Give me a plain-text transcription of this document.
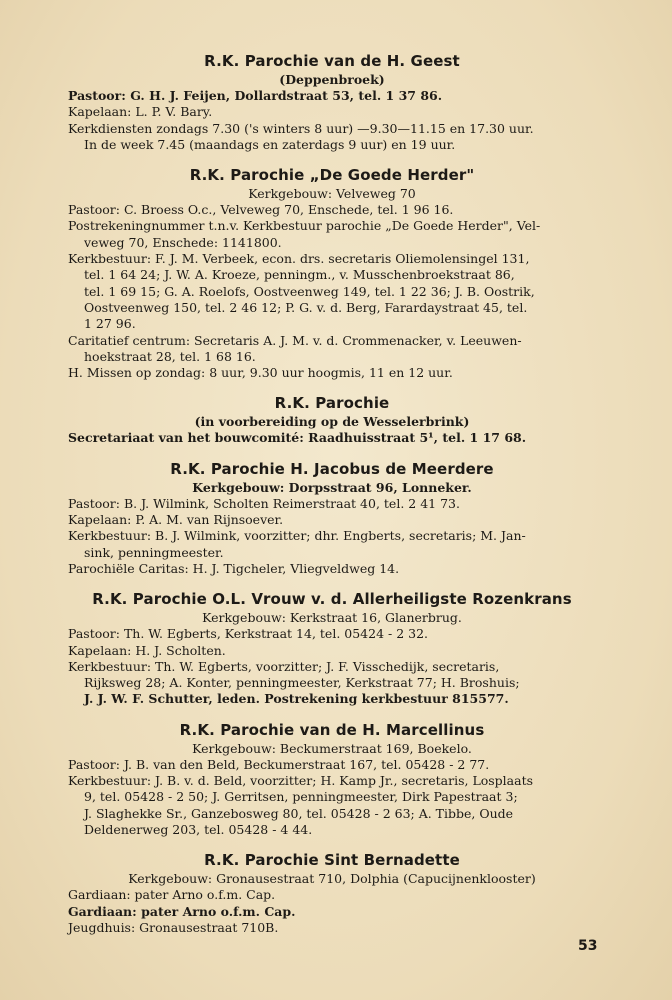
R.K. Parochie van de H. Geest

(Deppenbroek)

Pastoor: G. H. J. Feijen, Dollardstraat 53, tel. 1 37 86.

Kapelaan: L. P. V. Bary.

Kerkdiensten zondags 7.30 ('s winters 8 uur) —9.30—11.15 en 17.30 uur.

In de week 7.45 (maandags en zaterdags 9 uur) en 19 uur.

R.K. Parochie „De Goede Herder"

Kerkgebouw: Velveweg 70

Pastoor: C. Broess O.c., Velveweg 70, Enschede, tel. 1 96 16.

Postrekeningnummer t.n.v. Kerkbestuur parochie „De Goede Herder", Vel-

veweg 70, Enschede: 1141800.

Kerkbestuur: F. J. M. Verbeek, econ. drs. secretaris Oliemolensingel 131,

tel. 1 64 24; J. W. A. Kroeze, penningm., v. Musschenbroekstraat 86,

tel. 1 69 15; G. A. Roelofs, Oostveenweg 149, tel. 1 22 36; J. B. Oostrik,

Oostveenweg 150, tel. 2 46 12; P. G. v. d. Berg, Farardaystraat 45, tel.

1 27 96.

Caritatief centrum: Secretaris A. J. M. v. d. Crommenacker, v. Leeuwen-

hoekstraat 28, tel. 1 68 16.

H. Missen op zondag: 8 uur, 9.30 uur hoogmis, 11 en 12 uur.

R.K. Parochie

(in voorbereiding op de Wesselerbrink)

Secretariaat van het bouwcomité: Raadhuisstraat 5¹, tel. 1 17 68.

R.K. Parochie H. Jacobus de Meerdere

Kerkgebouw: Dorpsstraat 96, Lonneker.

Pastoor: B. J. Wilmink, Scholten Reimerstraat 40, tel. 2 41 73.

Kapelaan: P. A. M. van Rijnsoever.

Kerkbestuur: B. J. Wilmink, voorzitter; dhr. Engberts, secretaris; M. Jan-

sink, penningmeester.

Parochiële Caritas: H. J. Tigcheler, Vliegveldweg 14.

R.K. Parochie O.L. Vrouw v. d. Allerheiligste Rozenkrans

Kerkgebouw: Kerkstraat 16, Glanerbrug.

Pastoor: Th. W. Egberts, Kerkstraat 14, tel. 05424 - 2 32.

Kapelaan: H. J. Scholten.

Kerkbestuur: Th. W. Egberts, voorzitter; J. F. Visschedijk, secretaris,

Rijksweg 28; A. Konter, penningmeester, Kerkstraat 77; H. Broshuis;

J. J. W. F. Schutter, leden. Postrekening kerkbestuur 815577.

R.K. Parochie van de H. Marcellinus

Kerkgebouw: Beckumerstraat 169, Boekelo.

Pastoor: J. B. van den Beld, Beckumerstraat 167, tel. 05428 - 2 77.

Kerkbestuur: J. B. v. d. Beld, voorzitter; H. Kamp Jr., secretaris, Losplaats

9, tel. 05428 - 2 50; J. Gerritsen, penningmeester, Dirk Papestraat 3;

J. Slaghekke Sr., Ganzebosweg 80, tel. 05428 - 2 63; A. Tibbe, Oude

Deldenerweg 203, tel. 05428 - 4 44.

R.K. Parochie Sint Bernadette

Kerkgebouw: Gronausestraat 710, Dolphia (Capucijnenklooster)

Gardiaan: pater Arno o.f.m. Cap.

Gardiaan: pater Arno o.f.m. Cap.

Jeugdhuis: Gronausestraat 710B.

53
